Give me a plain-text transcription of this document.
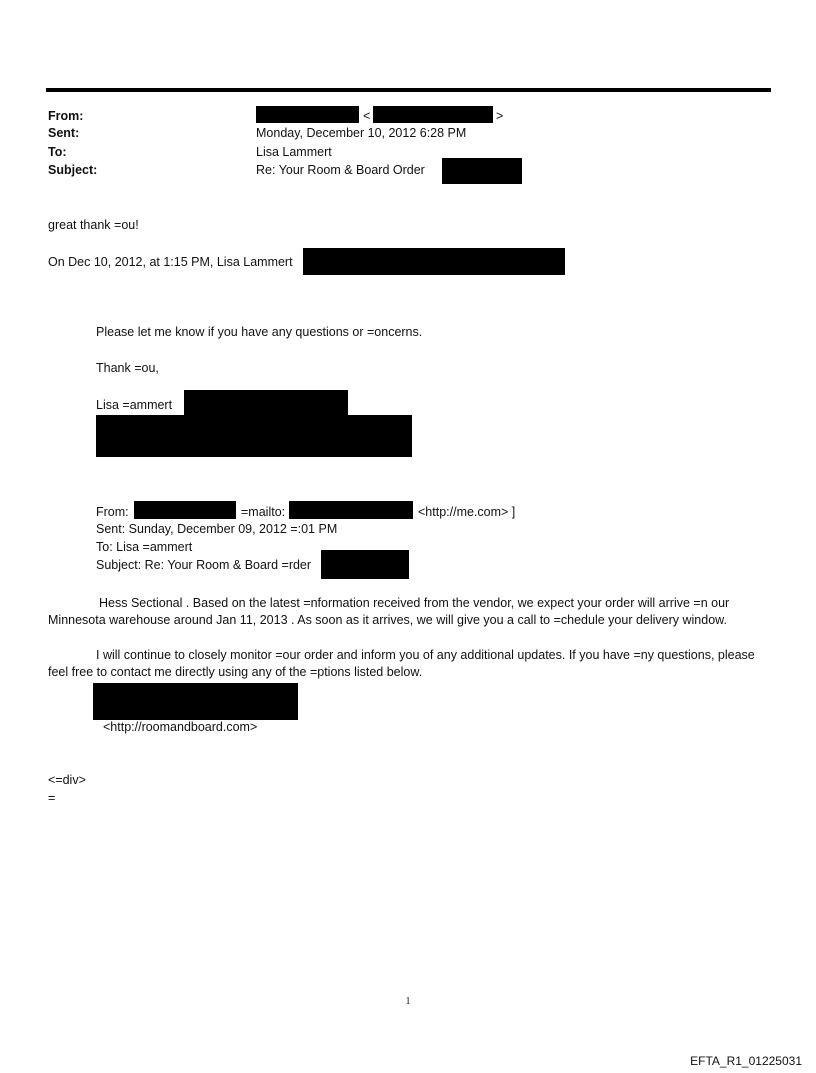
From:	<	>
Sent:	Monday, December 10, 2012 6:28 PM
To:	Lisa Lammert
Subject:	Re: Your Room & Board Order
great thank =ou!
On Dec 10, 2012, at 1:15 PM, Lisa Lammert
Please let me know if you have any questions or =oncerns.
Thank =ou,
Lisa =ammert
From:	=mailto:	<http://me.com> ]
Sent: Sunday, December 09, 2012 =:01 PM
To: Lisa =ammert
Subject: Re: Your Room & Board =rder
Hess Sectional . Based on the latest =nformation received from the vendor, we expect your order will arrive =n our Minnesota warehouse around Jan 11, 2013 . As soon as it arrives, we will give you a call to =chedule your delivery window.
I will continue to closely monitor =our order and inform you of any additional updates. If you have =ny questions, please feel free to contact me directly using any of the =ptions listed below.
<http://roomandboard.com>
<=div>
=
1
EFTA_R1_01225031
